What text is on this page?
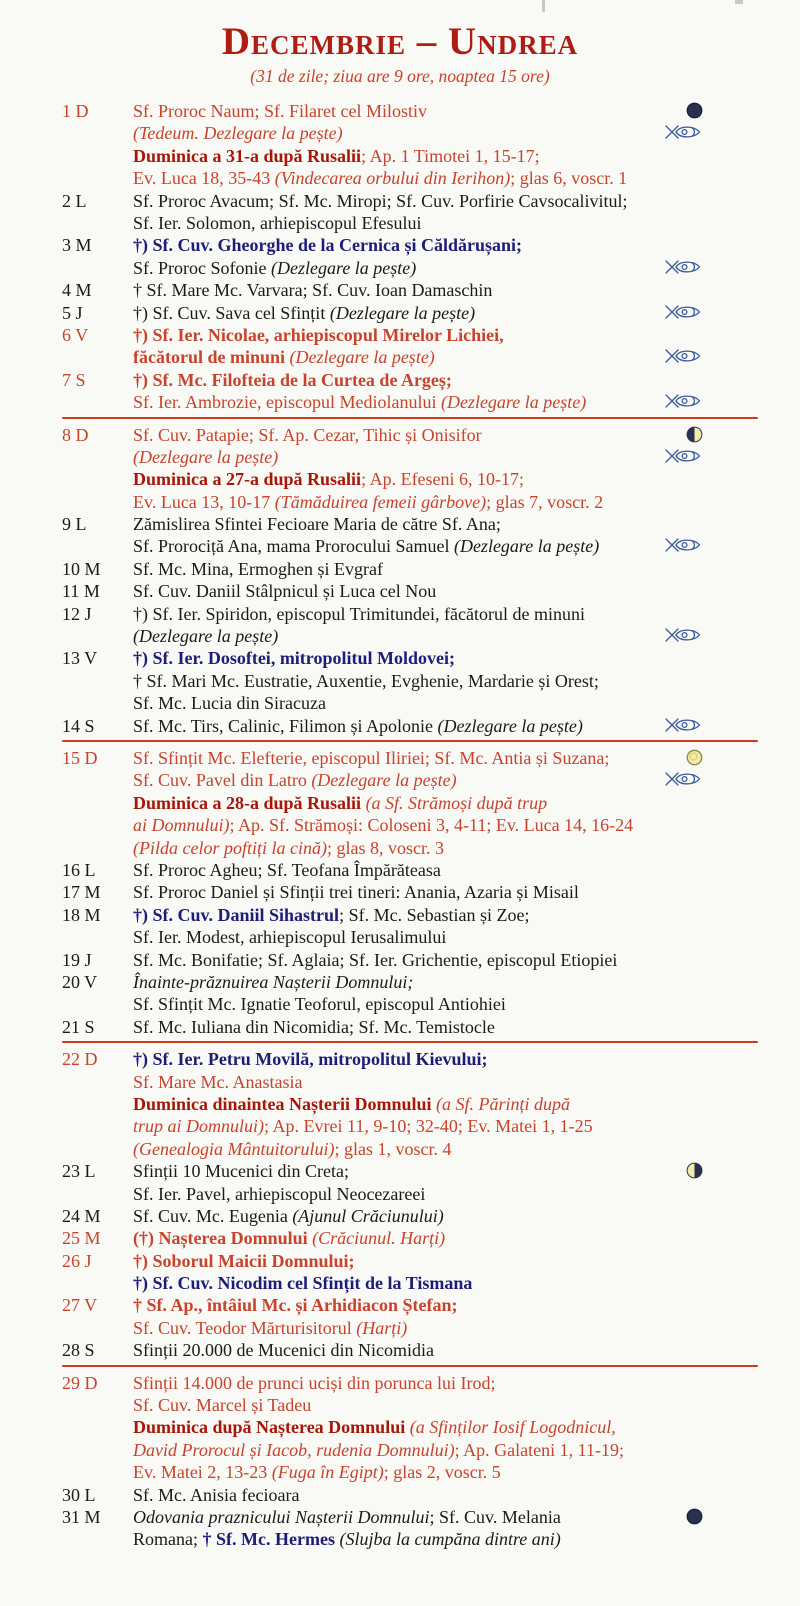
Decembrie – Undrea
(31 de zile; ziua are 9 ore, noaptea 15 ore)
1 D	Sf. Proroc Naum; Sf. Filaret cel Milostiv
(Tedeum. Dezlegare la pește)
Duminica a 31-a după Rusalii; Ap. 1 Timotei 1, 15-17;
Ev. Luca 18, 35-43 (Vindecarea orbului din Ierihon); glas 6, voscr. 1
2 L	Sf. Proroc Avacum; Sf. Mc. Miropi; Sf. Cuv. Porfirie Cavsocalivitul;
Sf. Ier. Solomon, arhiepiscopul Efesului
3 M	†) Sf. Cuv. Gheorghe de la Cernica și Căldărușani;
Sf. Proroc Sofonie (Dezlegare la pește)
4 M	† Sf. Mare Mc. Varvara; Sf. Cuv. Ioan Damaschin
5 J	†) Sf. Cuv. Sava cel Sfințit (Dezlegare la pește)
6 V	†) Sf. Ier. Nicolae, arhiepiscopul Mirelor Lichiei,
făcătorul de minuni (Dezlegare la pește)
7 S	†) Sf. Mc. Filofteia de la Curtea de Argeș;
Sf. Ier. Ambrozie, episcopul Mediolanului (Dezlegare la pește)
8 D	Sf. Cuv. Patapie; Sf. Ap. Cezar, Tihic și Onisifor
(Dezlegare la pește)
Duminica a 27-a după Rusalii; Ap. Efeseni 6, 10-17;
Ev. Luca 13, 10-17 (Tămăduirea femeii gârbove); glas 7, voscr. 2
9 L	Zămislirea Sfintei Fecioare Maria de către Sf. Ana;
Sf. Prorociță Ana, mama Prorocului Samuel (Dezlegare la pește)
10 M	Sf. Mc. Mina, Ermoghen și Evgraf
11 M	Sf. Cuv. Daniil Stâlpnicul și Luca cel Nou
12 J	†) Sf. Ier. Spiridon, episcopul Trimitundei, făcătorul de minuni
(Dezlegare la pește)
13 V	†) Sf. Ier. Dosoftei, mitropolitul Moldovei;
† Sf. Mari Mc. Eustratie, Auxentie, Evghenie, Mardarie și Orest;
Sf. Mc. Lucia din Siracuza
14 S	Sf. Mc. Tirs, Calinic, Filimon și Apolonie (Dezlegare la pește)
15 D	Sf. Sfințit Mc. Elefterie, episcopul Iliriei; Sf. Mc. Antia și Suzana;
Sf. Cuv. Pavel din Latro (Dezlegare la pește)
Duminica a 28-a după Rusalii (a Sf. Strămoși după trup
ai Domnului); Ap. Sf. Strămoși: Coloseni 3, 4-11; Ev. Luca 14, 16-24
(Pilda celor poftiți la cină); glas 8, voscr. 3
16 L	Sf. Proroc Agheu; Sf. Teofana Împărăteasa
17 M	Sf. Proroc Daniel și Sfinții trei tineri: Anania, Azaria și Misail
18 M	†) Sf. Cuv. Daniil Sihastrul; Sf. Mc. Sebastian și Zoe;
Sf. Ier. Modest, arhiepiscopul Ierusalimului
19 J	Sf. Mc. Bonifatie; Sf. Aglaia; Sf. Ier. Grichentie, episcopul Etiopiei
20 V	Înainte-prăznuirea Nașterii Domnului;
Sf. Sfințit Mc. Ignatie Teoforul, episcopul Antiohiei
21 S	Sf. Mc. Iuliana din Nicomidia; Sf. Mc. Temistocle
22 D	†) Sf. Ier. Petru Movilă, mitropolitul Kievului;
Sf. Mare Mc. Anastasia
Duminica dinaintea Nașterii Domnului (a Sf. Părinți după
trup ai Domnului); Ap. Evrei 11, 9-10; 32-40; Ev. Matei 1, 1-25
(Genealogia Mântuitorului); glas 1, voscr. 4
23 L	Sfinții 10 Mucenici din Creta;
Sf. Ier. Pavel, arhiepiscopul Neocezareei
24 M	Sf. Cuv. Mc. Eugenia (Ajunul Crăciunului)
25 M	(†) Nașterea Domnului (Crăciunul. Harți)
26 J	†) Soborul Maicii Domnului;
†) Sf. Cuv. Nicodim cel Sfințit de la Tismana
27 V	† Sf. Ap., întâiul Mc. și Arhidiacon Ștefan;
Sf. Cuv. Teodor Mărturisitorul (Harți)
28 S	Sfinții 20.000 de Mucenici din Nicomidia
29 D	Sfinții 14.000 de prunci uciși din porunca lui Irod;
Sf. Cuv. Marcel și Tadeu
Duminica după Nașterea Domnului (a Sfinților Iosif Logodnicul,
David Prorocul și Iacob, rudenia Domnului); Ap. Galateni 1, 11-19;
Ev. Matei 2, 13-23 (Fuga în Egipt); glas 2, voscr. 5
30 L	Sf. Mc. Anisia fecioara
31 M	Odovania praznicului Nașterii Domnului; Sf. Cuv. Melania
Romana; † Sf. Mc. Hermes (Slujba la cumpăna dintre ani)
